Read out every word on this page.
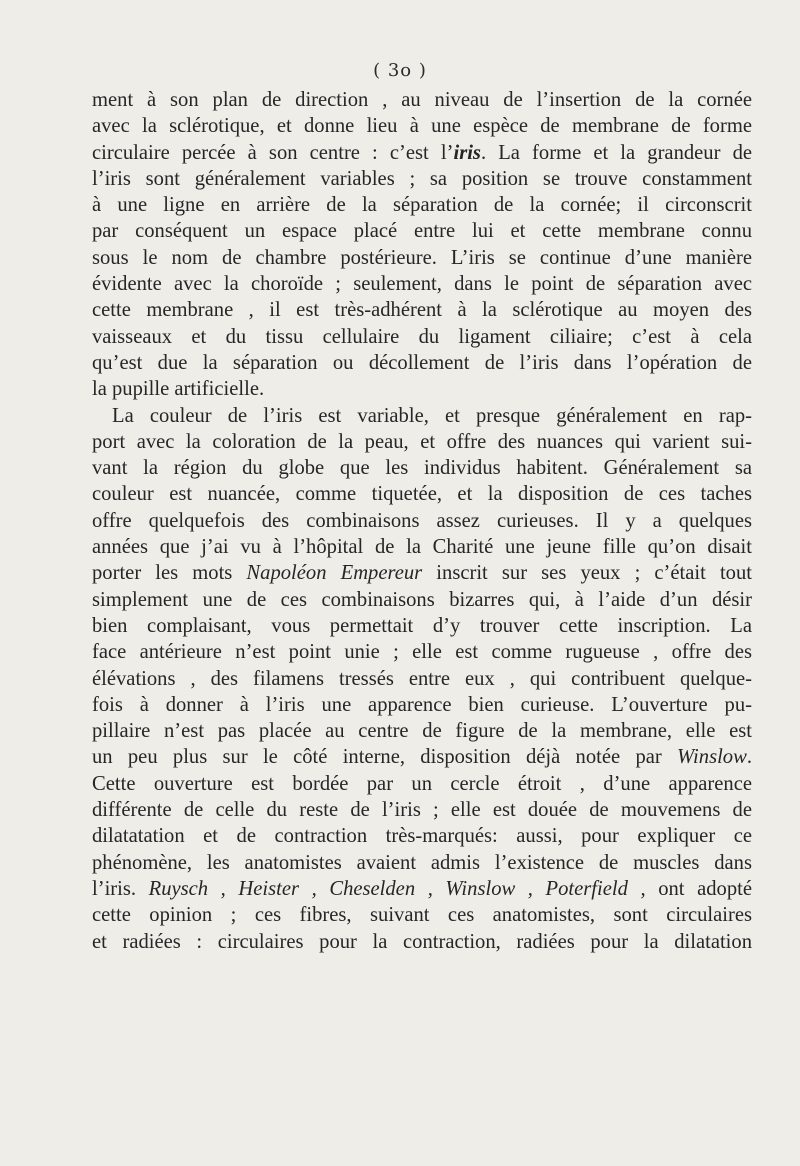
( 3o )
ment à son plan de direction , au niveau de l’insertion de la cornée
avec la sclérotique, et donne lieu à une espèce de membrane de forme
circulaire percée à son centre : c’est l’iris. La forme et la grandeur de
l’iris sont généralement variables ; sa position se trouve constamment
à une ligne en arrière de la séparation de la cornée; il circonscrit
par conséquent un espace placé entre lui et cette membrane connu
sous le nom de chambre postérieure. L’iris se continue d’une manière
évidente avec la choroïde ; seulement, dans le point de séparation avec
cette membrane , il est très-adhérent à la sclérotique au moyen des
vaisseaux et du tissu cellulaire du ligament ciliaire; c’est à cela
qu’est due la séparation ou décollement de l’iris dans l’opération de
la pupille artificielle.
La couleur de l’iris est variable, et presque généralement en rap-
port avec la coloration de la peau, et offre des nuances qui varient sui-
vant la région du globe que les individus habitent. Généralement sa
couleur est nuancée, comme tiquetée, et la disposition de ces taches
offre quelquefois des combinaisons assez curieuses. Il y a quelques
années que j’ai vu à l’hôpital de la Charité une jeune fille qu’on disait
porter les mots Napoléon Empereur inscrit sur ses yeux ; c’était tout
simplement une de ces combinaisons bizarres qui, à l’aide d’un désir
bien complaisant, vous permettait d’y trouver cette inscription. La
face antérieure n’est point unie ; elle est comme rugueuse , offre des
élévations , des filamens tressés entre eux , qui contribuent quelque-
fois à donner à l’iris une apparence bien curieuse. L’ouverture pu-
pillaire n’est pas placée au centre de figure de la membrane, elle est
un peu plus sur le côté interne, disposition déjà notée par Winslow.
Cette ouverture est bordée par un cercle étroit , d’une apparence
différente de celle du reste de l’iris ; elle est douée de mouvemens de
dilatatation et de contraction très-marqués: aussi, pour expliquer ce
phénomène, les anatomistes avaient admis l’existence de muscles dans
l’iris. Ruysch , Heister , Cheselden , Winslow , Poterfield , ont adopté
cette opinion ; ces fibres, suivant ces anatomistes, sont circulaires
et radiées : circulaires pour la contraction, radiées pour la dilatation
